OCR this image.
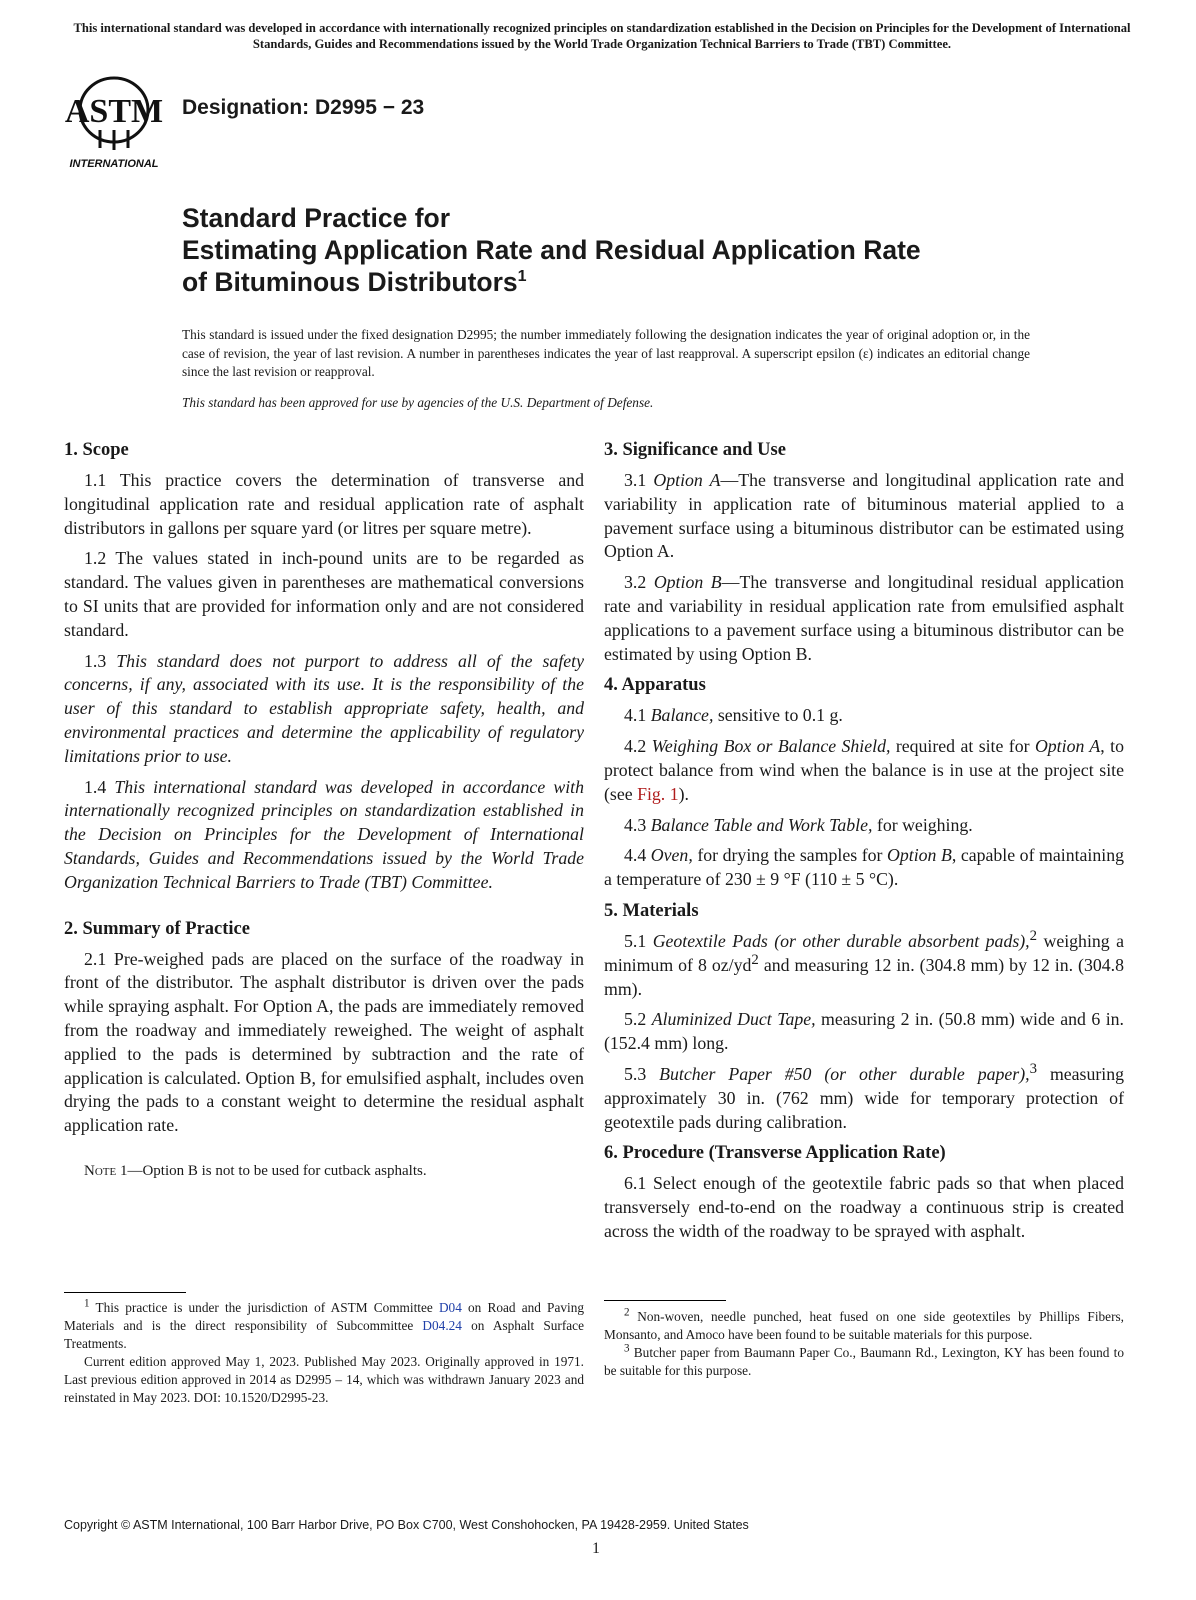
This international standard was developed in accordance with internationally recognized principles on standardization established in the Decision on Principles for the Development of International Standards, Guides and Recommendations issued by the World Trade Organization Technical Barriers to Trade (TBT) Committee.
ASTM
INTERNATIONAL
Designation: D2995 − 23
Standard Practice for
Estimating Application Rate and Residual Application Rate
of Bituminous Distributors$^1$
This standard is issued under the fixed designation D2995; the number immediately following the designation indicates the year of original adoption or, in the case of revision, the year of last revision. A number in parentheses indicates the year of last reapproval. A superscript epsilon (ε) indicates an editorial change since the last revision or reapproval.
This standard has been approved for use by agencies of the U.S. Department of Defense.
1. Scope

1.1 This practice covers the determination of transverse and longitudinal application rate and residual application rate of asphalt distributors in gallons per square yard (or litres per square metre).

1.2 The values stated in inch-pound units are to be regarded as standard. The values given in parentheses are mathematical conversions to SI units that are provided for information only and are not considered standard.

1.3 This standard does not purport to address all of the safety concerns, if any, associated with its use. It is the responsibility of the user of this standard to establish appropriate safety, health, and environmental practices and determine the applicability of regulatory limitations prior to use.

1.4 This international standard was developed in accordance with internationally recognized principles on standardization established in the Decision on Principles for the Development of International Standards, Guides and Recommendations issued by the World Trade Organization Technical Barriers to Trade (TBT) Committee.

2. Summary of Practice

2.1 Pre-weighed pads are placed on the surface of the roadway in front of the distributor. The asphalt distributor is driven over the pads while spraying asphalt. For Option A, the pads are immediately removed from the roadway and immediately reweighed. The weight of asphalt applied to the pads is determined by subtraction and the rate of application is calculated. Option B, for emulsified asphalt, includes oven drying the pads to a constant weight to determine the residual asphalt application rate.

Note 1—Option B is not to be used for cutback asphalts.

3. Significance and Use

3.1 Option A—The transverse and longitudinal application rate and variability in application rate of bituminous material applied to a pavement surface using a bituminous distributor can be estimated using Option A.

3.2 Option B—The transverse and longitudinal residual application rate and variability in residual application rate from emulsified asphalt applications to a pavement surface using a bituminous distributor can be estimated by using Option B.

4. Apparatus

4.1 Balance, sensitive to 0.1 g.

4.2 Weighing Box or Balance Shield, required at site for Option A, to protect balance from wind when the balance is in use at the project site (see Fig. 1).

4.3 Balance Table and Work Table, for weighing.

4.4 Oven, for drying the samples for Option B, capable of maintaining a temperature of 230 ± 9 °F (110 ± 5 °C).

5. Materials

5.1 Geotextile Pads (or other durable absorbent pads),$^2$ weighing a minimum of 8 $oz/yd^2$ and measuring 12 in. (304.8 mm) by 12 in. (304.8 mm).

5.2 Aluminized Duct Tape, measuring 2 in. (50.8 mm) wide and 6 in. (152.4 mm) long.

5.3 Butcher Paper #50 (or other durable paper),$^3$ measuring approximately 30 in. (762 mm) wide for temporary protection of geotextile pads during calibration.

6. Procedure (Transverse Application Rate)

6.1 Select enough of the geotextile fabric pads so that when placed transversely end-to-end on the roadway a continuous strip is created across the width of the roadway to be sprayed with asphalt.

$^1$ This practice is under the jurisdiction of ASTM Committee D04 on Road and Paving Materials and is the direct responsibility of Subcommittee D04.24 on Asphalt Surface Treatments.

Current edition approved May 1, 2023. Published May 2023. Originally approved in 1971. Last previous edition approved in 2014 as D2995 – 14, which was withdrawn January 2023 and reinstated in May 2023. DOI: 10.1520/D2995-23.

$^2$ Non-woven, needle punched, heat fused on one side geotextiles by Phillips Fibers, Monsanto, and Amoco have been found to be suitable materials for this purpose.

$^3$ Butcher paper from Baumann Paper Co., Baumann Rd., Lexington, KY has been found to be suitable for this purpose.

Copyright © ASTM International, 100 Barr Harbor Drive, PO Box C700, West Conshohocken, PA 19428-2959. United States
1
